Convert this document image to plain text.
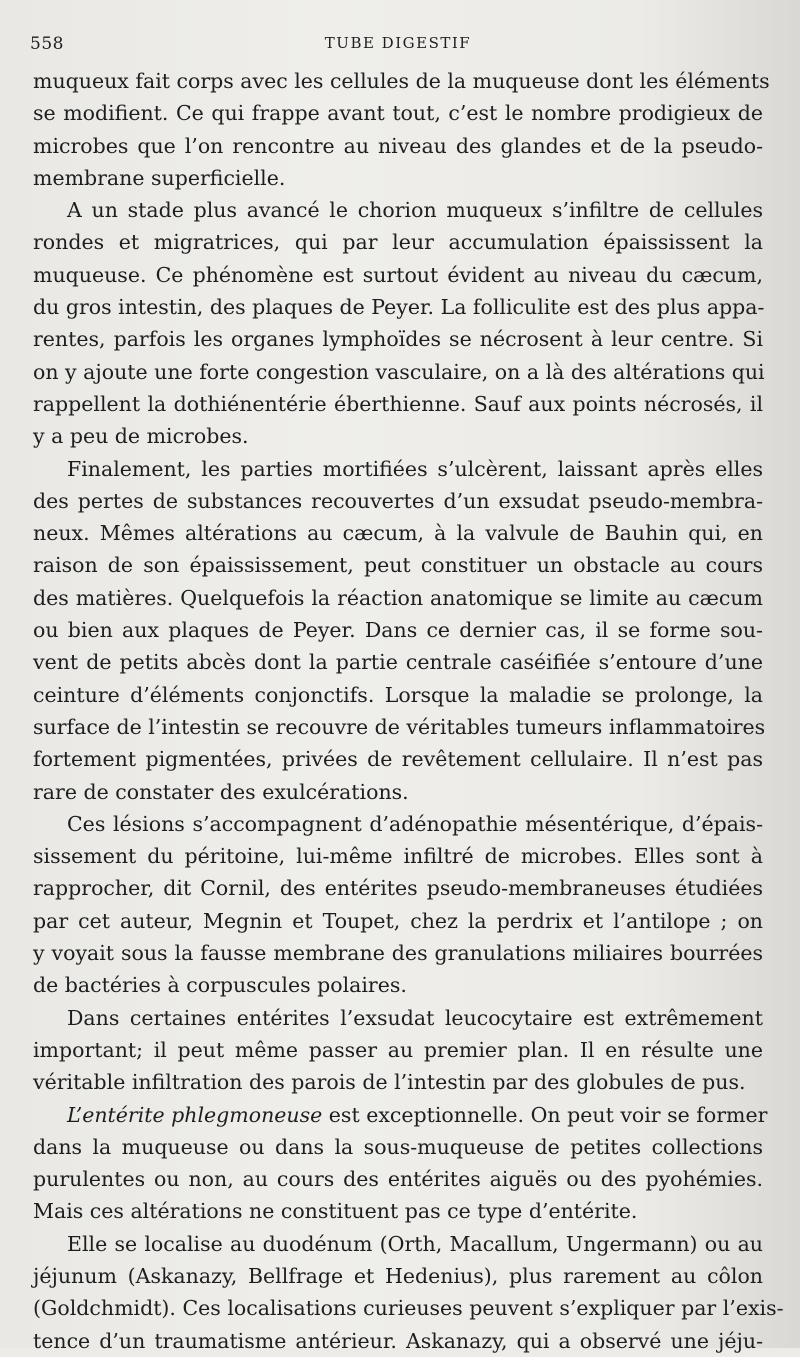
558	TUBE DIGESTIF

muqueux fait corps avec les cellules de la muqueuse dont les éléments
se modifient. Ce qui frappe avant tout, c’est le nombre prodigieux de
microbes que l’on rencontre au niveau des glandes et de la pseudo-
membrane superficielle.

A un stade plus avancé le chorion muqueux s’infiltre de cellules
rondes et migratrices, qui par leur accumulation épaississent la
muqueuse. Ce phénomène est surtout évident au niveau du cæcum,
du gros intestin, des plaques de Peyer. La folliculite est des plus appa-
rentes, parfois les organes lymphoïdes se nécrosent à leur centre. Si
on y ajoute une forte congestion vasculaire, on a là des altérations qui
rappellent la dothiénentérie éberthienne. Sauf aux points nécrosés, il
y a peu de microbes.

Finalement, les parties mortifiées s’ulcèrent, laissant après elles
des pertes de substances recouvertes d’un exsudat pseudo-membra-
neux. Mêmes altérations au cæcum, à la valvule de Bauhin qui, en
raison de son épaississement, peut constituer un obstacle au cours
des matières. Quelquefois la réaction anatomique se limite au cæcum
ou bien aux plaques de Peyer. Dans ce dernier cas, il se forme sou-
vent de petits abcès dont la partie centrale caséifiée s’entoure d’une
ceinture d’éléments conjonctifs. Lorsque la maladie se prolonge, la
surface de l’intestin se recouvre de véritables tumeurs inflammatoires
fortement pigmentées, privées de revêtement cellulaire. Il n’est pas
rare de constater des exulcérations.

Ces lésions s’accompagnent d’adénopathie mésentérique, d’épais-
sissement du péritoine, lui-même infiltré de microbes. Elles sont à
rapprocher, dit Cornil, des entérites pseudo-membraneuses étudiées
par cet auteur, Megnin et Toupet, chez la perdrix et l’antilope ; on
y voyait sous la fausse membrane des granulations miliaires bourrées
de bactéries à corpuscules polaires.

Dans certaines entérites l’exsudat leucocytaire est extrêmement
important; il peut même passer au premier plan. Il en résulte une
véritable infiltration des parois de l’intestin par des globules de pus.

L’entérite phlegmoneuse est exceptionnelle. On peut voir se former
dans la muqueuse ou dans la sous-muqueuse de petites collections
purulentes ou non, au cours des entérites aiguës ou des pyohémies.
Mais ces altérations ne constituent pas ce type d’entérite.

Elle se localise au duodénum (Orth, Macallum, Ungermann) ou au
jéjunum (Askanazy, Bellfrage et Hedenius), plus rarement au côlon
(Goldchmidt). Ces localisations curieuses peuvent s’expliquer par l’exis-
tence d’un traumatisme antérieur. Askanazy, qui a observé une jéju-
